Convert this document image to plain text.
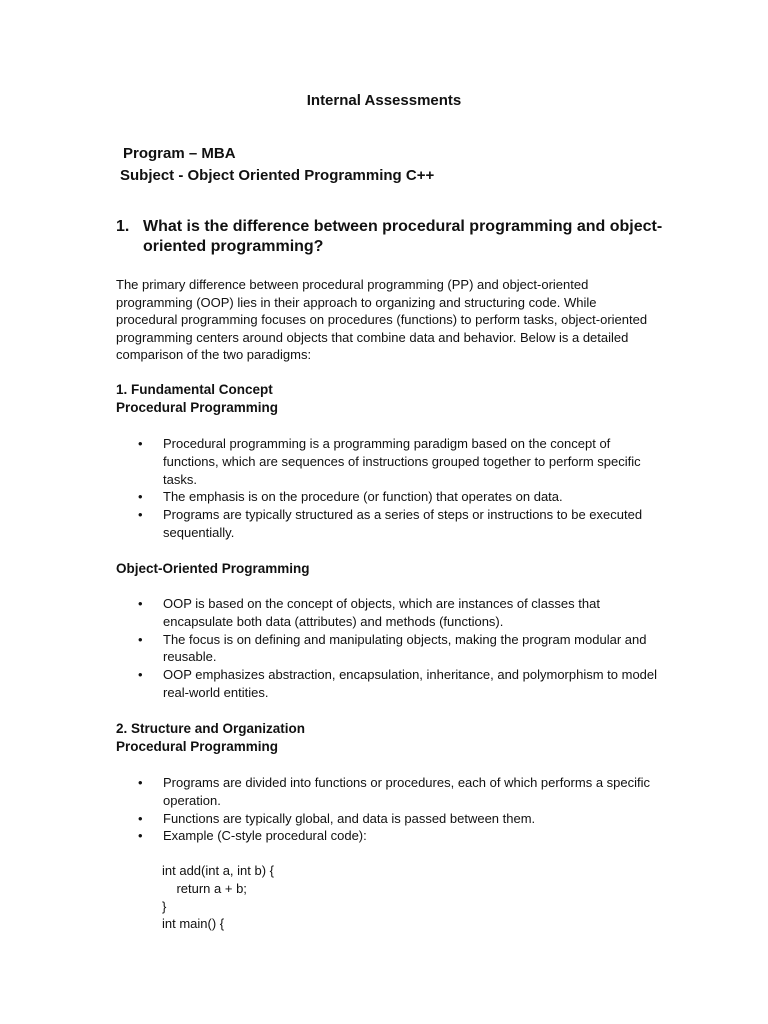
Internal Assessments

Program – MBA

Subject - Object Oriented Programming C++

1. What is the difference between procedural programming and object-oriented programming?

The primary difference between procedural programming (PP) and object-oriented programming (OOP) lies in their approach to organizing and structuring code. While procedural programming focuses on procedures (functions) to perform tasks, object-oriented programming centers around objects that combine data and behavior. Below is a detailed comparison of the two paradigms:

1. Fundamental Concept

Procedural Programming

• Procedural programming is a programming paradigm based on the concept of functions, which are sequences of instructions grouped together to perform specific tasks.
• The emphasis is on the procedure (or function) that operates on data.
• Programs are typically structured as a series of steps or instructions to be executed sequentially.

Object-Oriented Programming

• OOP is based on the concept of objects, which are instances of classes that encapsulate both data (attributes) and methods (functions).
• The focus is on defining and manipulating objects, making the program modular and reusable.
• OOP emphasizes abstraction, encapsulation, inheritance, and polymorphism to model real-world entities.

2. Structure and Organization

Procedural Programming

• Programs are divided into functions or procedures, each of which performs a specific operation.
• Functions are typically global, and data is passed between them.
• Example (C-style procedural code):
int add(int a, int b) {
return a + b;
}
int main() {
